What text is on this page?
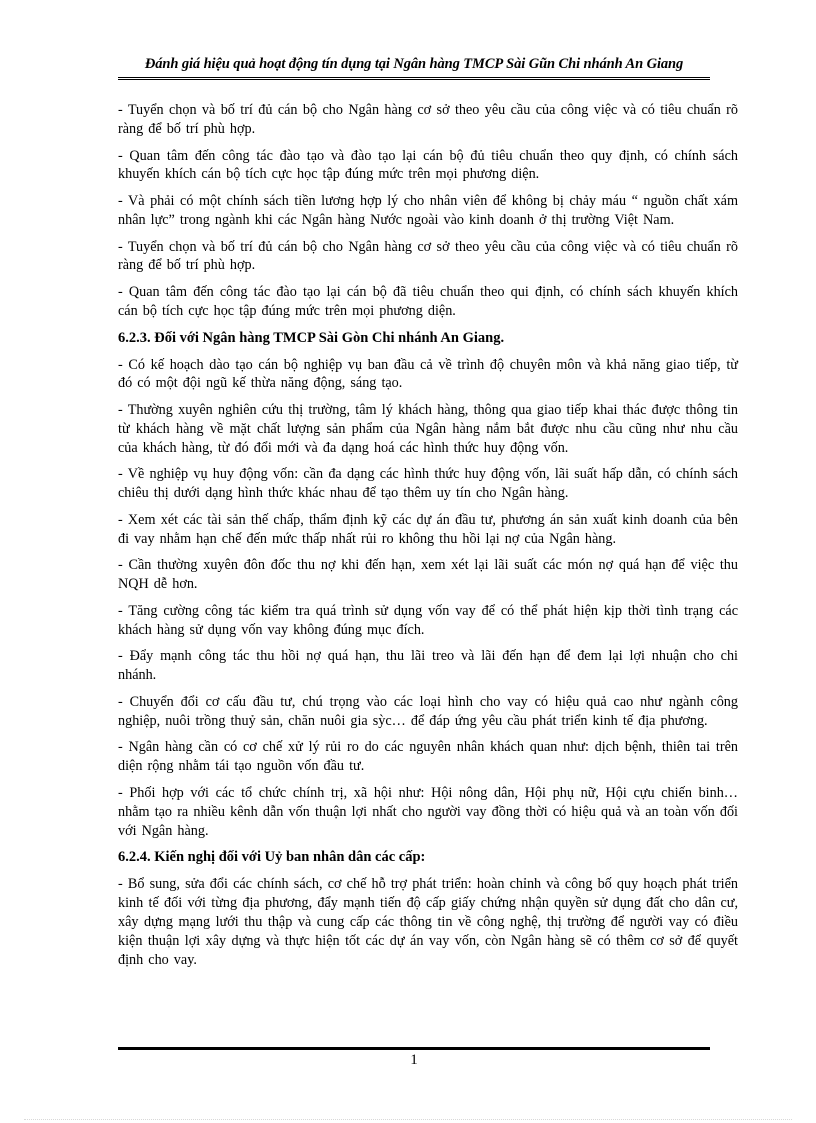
Đánh giá hiệu quả hoạt động tín dụng tại Ngân hàng TMCP Sài Gũn Chi nhánh An Giang

- Tuyển chọn và bố trí đủ cán bộ cho Ngân hàng cơ sở theo yêu cầu của công việc và có tiêu chuẩn rõ ràng để bố trí phù hợp.

- Quan tâm đến công tác đào tạo và đào tạo lại cán bộ đủ tiêu chuẩn theo quy định, có chính sách khuyến khích cán bộ tích cực học tập đúng mức trên mọi phương diện.

- Và phải có một chính sách tiền lương hợp lý cho nhân viên để không bị chảy máu “ nguồn chất xám nhân lực” trong ngành khi các Ngân hàng Nước ngoài vào kinh doanh ở thị trường Việt Nam.

- Tuyển chọn và bố trí đủ cán bộ cho Ngân hàng cơ sở theo yêu cầu của công việc và có tiêu chuẩn rõ ràng để bố trí phù hợp.

- Quan tâm đến công tác đào tạo lại cán bộ đã tiêu chuẩn theo qui định, có chính sách khuyến khích cán bộ tích cực học tập đúng mức trên mọi phương diện.

6.2.3. Đối với Ngân hàng TMCP Sài Gòn Chi nhánh An Giang.

- Có kế hoạch dào tạo cán bộ nghiệp vụ ban đầu cả về trình độ chuyên môn và khả năng giao tiếp, từ đó có một đội ngũ kế thừa năng động, sáng tạo.

- Thường xuyên nghiên cứu thị trường, tâm lý khách hàng, thông qua giao tiếp khai thác được thông tin từ khách hàng về mặt chất lượng sản phẩm của Ngân hàng nắm bắt được nhu cầu cũng như nhu cầu của khách hàng, từ đó đổi mới và đa dạng hoá các hình thức huy động vốn.

- Về nghiệp vụ huy động vốn: cần đa dạng các hình thức huy động vốn, lãi suất hấp dẫn, có chính sách chiêu thị dưới dạng hình thức khác nhau để tạo thêm uy tín cho Ngân hàng.

- Xem xét các tài sản thế chấp, thẩm định kỹ các dự án đầu tư, phương án sản xuất kinh doanh của bên đi vay nhằm hạn chế đến mức thấp nhất rủi ro không thu hồi lại nợ của Ngân hàng.

- Cần thường xuyên đôn đốc thu nợ khi đến hạn, xem xét lại lãi suất các món nợ quá hạn để việc thu NQH dễ hơn.

- Tăng cường công tác kiểm tra quá trình sử dụng vốn vay để có thể phát hiện kịp thời tình trạng các khách hàng sử dụng vốn vay không đúng mục đích.

- Đẩy mạnh công tác thu hồi nợ quá hạn, thu lãi treo và lãi đến hạn để đem lại lợi nhuận cho chi nhánh.

- Chuyển đổi cơ cấu đầu tư, chú trọng vào các loại hình cho vay có hiệu quả cao như ngành công nghiệp, nuôi trồng thuỷ sản, chăn nuôi gia sỳc… để đáp ứng yêu cầu phát triển kinh tế địa phương.

- Ngân hàng cần có cơ chế xử lý rủi ro do các nguyên nhân khách quan như: dịch bệnh, thiên tai trên diện rộng nhằm tái tạo nguồn vốn đầu tư.

- Phối hợp với các tổ chức chính trị, xã hội như: Hội nông dân, Hội phụ nữ, Hội cựu chiến binh… nhằm tạo ra nhiều kênh dẫn vốn thuận lợi nhất cho người vay đồng thời có hiệu quả và an toàn vốn đối với Ngân hàng.

6.2.4. Kiến nghị đối với Uỷ ban nhân dân các cấp:

- Bổ sung, sửa đổi các chính sách, cơ chế hỗ trợ phát triển: hoàn chỉnh và công bố quy hoạch phát triển kinh tế đối với từng địa phương, đẩy mạnh tiến độ cấp giấy chứng nhận quyền sử dụng đất cho dân cư, xây dựng mạng lưới thu thập và cung cấp các thông tin về công nghệ, thị trường để người vay có điều kiện thuận lợi xây dựng và thực hiện tốt các dự án vay vốn, còn Ngân hàng sẽ có thêm cơ sở để quyết định cho vay.

1
